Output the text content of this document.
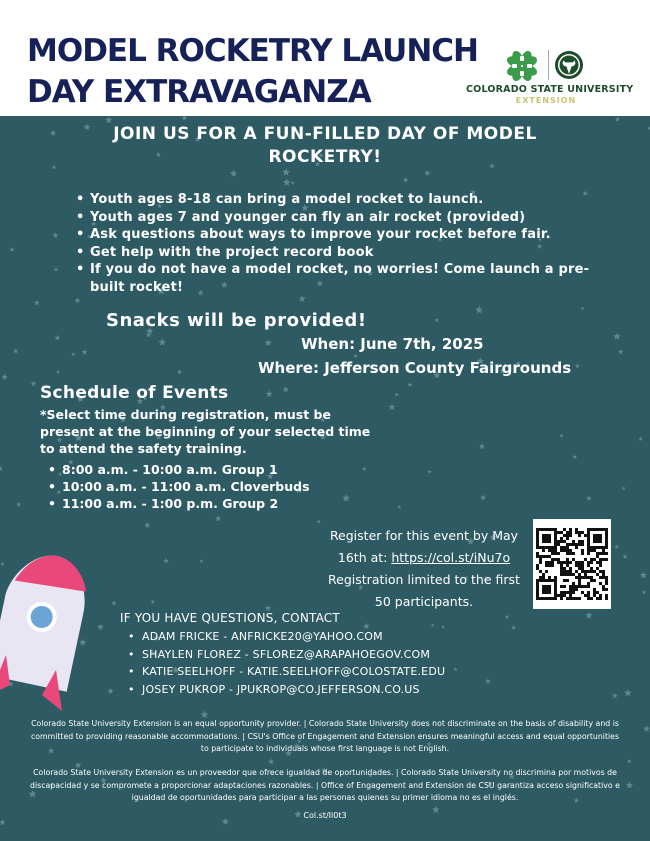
MODEL ROCKETRY LAUNCH
DAY EXTRAVAGANZA	COLORADO STATE UNIVERSITY
EXTENSION
JOIN US FOR A FUN-FILLED DAY OF MODEL ROCKETRY!
• Youth ages 8-18 can bring a model rocket to launch.
• Youth ages 7 and younger can fly an air rocket (provided)
• Ask questions about ways to improve your rocket before fair.
• Get help with the project record book
• If you do not have a model rocket, no worries! Come launch a pre-built rocket!
Snacks will be provided!
When: June 7th, 2025
Where: Jefferson County Fairgrounds
Schedule of Events
*Select time during registration, must be present at the beginning of your selected time to attend the safety training.
• 8:00 a.m. - 10:00 a.m. Group 1
• 10:00 a.m. - 11:00 a.m. Cloverbuds
• 11:00 a.m. - 1:00 p.m. Group 2
Register for this event by May 16th at: https://col.st/iNu7o Registration limited to the first 50 participants.
IF YOU HAVE QUESTIONS, CONTACT
• ADAM FRICKE - ANFRICKE20@YAHOO.COM
• SHAYLEN FLOREZ - SFLOREZ@ARAPAHOEGOV.COM
• KATIE SEELHOFF - KATIE.SEELHOFF@COLOSTATE.EDU
• JOSEY PUKROP - JPUKROP@CO.JEFFERSON.CO.US
Colorado State University Extension is an equal opportunity provider. | Colorado State University does not discriminate on the basis of disability and is committed to providing reasonable accommodations. | CSU's Office of Engagement and Extension ensures meaningful access and equal opportunities to participate to individuals whose first language is not English.
Colorado State University Extension es un proveedor que ofrece igualdad de oportunidades. | Colorado State University no discrimina por motivos de discapacidad y se compromete a proporcionar adaptaciones razonables. | Office of Engagement and Extension de CSU garantiza acceso significativo e igualdad de oportunidades para participar a las personas quienes su primer idioma no es el inglés.
Col.st/Il0t3
